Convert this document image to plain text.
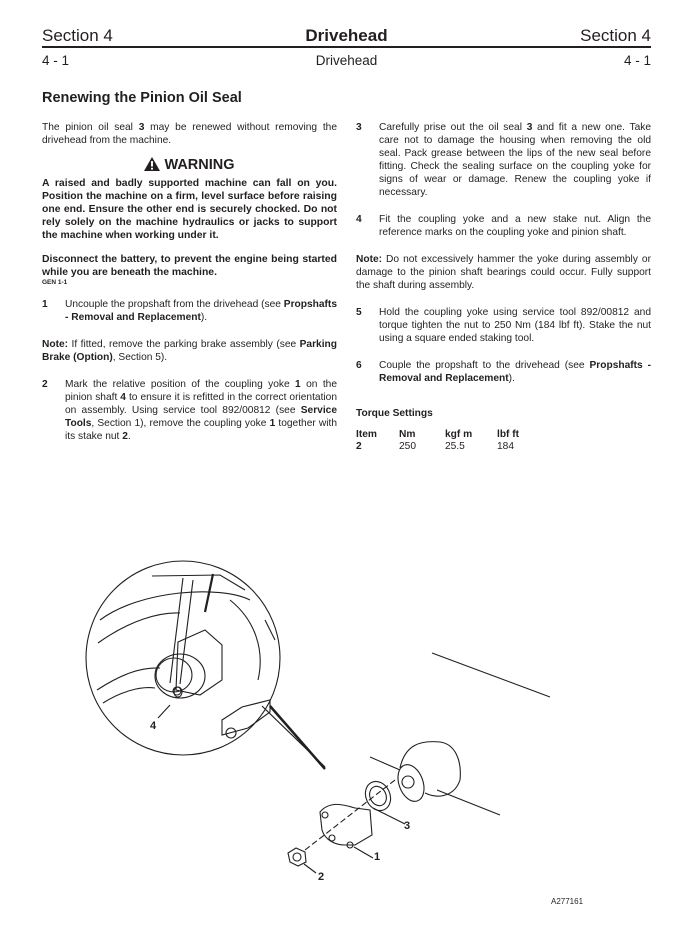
Section 4	Drivehead	Section 4
4 - 1	Drivehead	4 - 1
Renewing the Pinion Oil Seal

The pinion oil seal 3 may be renewed without removing the drivehead from the machine.

WARNING

A raised and badly supported machine can fall on you. Position the machine on a firm, level surface before raising one end. Ensure the other end is securely chocked. Do not rely solely on the machine hydraulics or jacks to support the machine when working under it.

Disconnect the battery, to prevent the engine being started while you are beneath the machine.

GEN 1-1
1	Uncouple the propshaft from the drivehead (see Propshafts - Removal and Replacement).

Note: If fitted, remove the parking brake assembly (see Parking Brake (Option), Section 5).

2	Mark the relative position of the coupling yoke 1 on the pinion shaft 4 to ensure it is refitted in the correct orientation on assembly. Using service tool 892/00812 (see Service Tools, Section 1), remove the coupling yoke 1 together with its stake nut 2.
3	Carefully prise out the oil seal 3 and fit a new one. Take care not to damage the housing when removing the old seal. Pack grease between the lips of the new seal before fitting. Check the sealing surface on the coupling yoke for signs of wear or damage. Renew the coupling yoke if necessary.
4	Fit the coupling yoke and a new stake nut. Align the reference marks on the coupling yoke and pinion shaft.

Note: Do not excessively hammer the yoke during assembly or damage to the pinion shaft bearings could occur. Fully support the shaft during assembly.

5	Hold the coupling yoke using service tool 892/00812 and torque tighten the nut to 250 Nm (184 lbf ft). Stake the nut using a square ended staking tool.
6	Couple the propshaft to the drivehead (see Propshafts - Removal and Replacement).
Torque Settings
Item	Nm	kgf m	lbf ft
2	250	25.5	184
4
3
1
2
A277161
